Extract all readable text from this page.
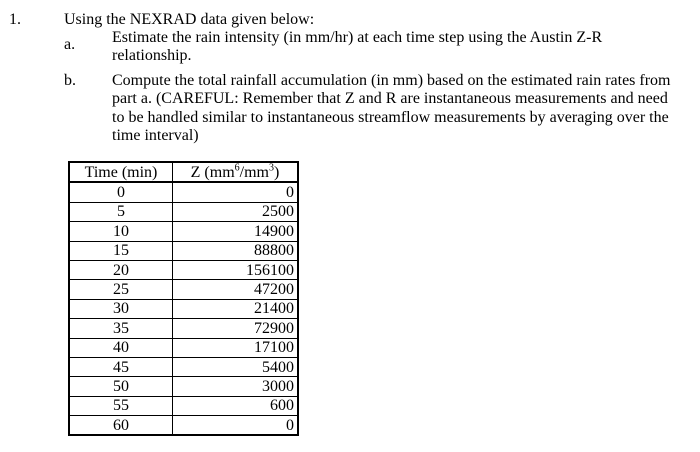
1.	Using the NEXRAD data given below:
a. Estimate the rain intensity (in mm/hr) at each time step using the Austin Z-R relationship.
b. Compute the total rainfall accumulation (in mm) based on the estimated rain rates from part a. (CAREFUL: Remember that Z and R are instantaneous measurements and need to be handled similar to instantaneous streamflow measurements by averaging over the time interval)
Time (min)	Z $(mm^6/mm^3)$
0	0
5	2500
10	14900
15	88800
20	156100
25	47200
30	21400
35	72900
40	17100
45	5400
50	3000
55	600
60	0
